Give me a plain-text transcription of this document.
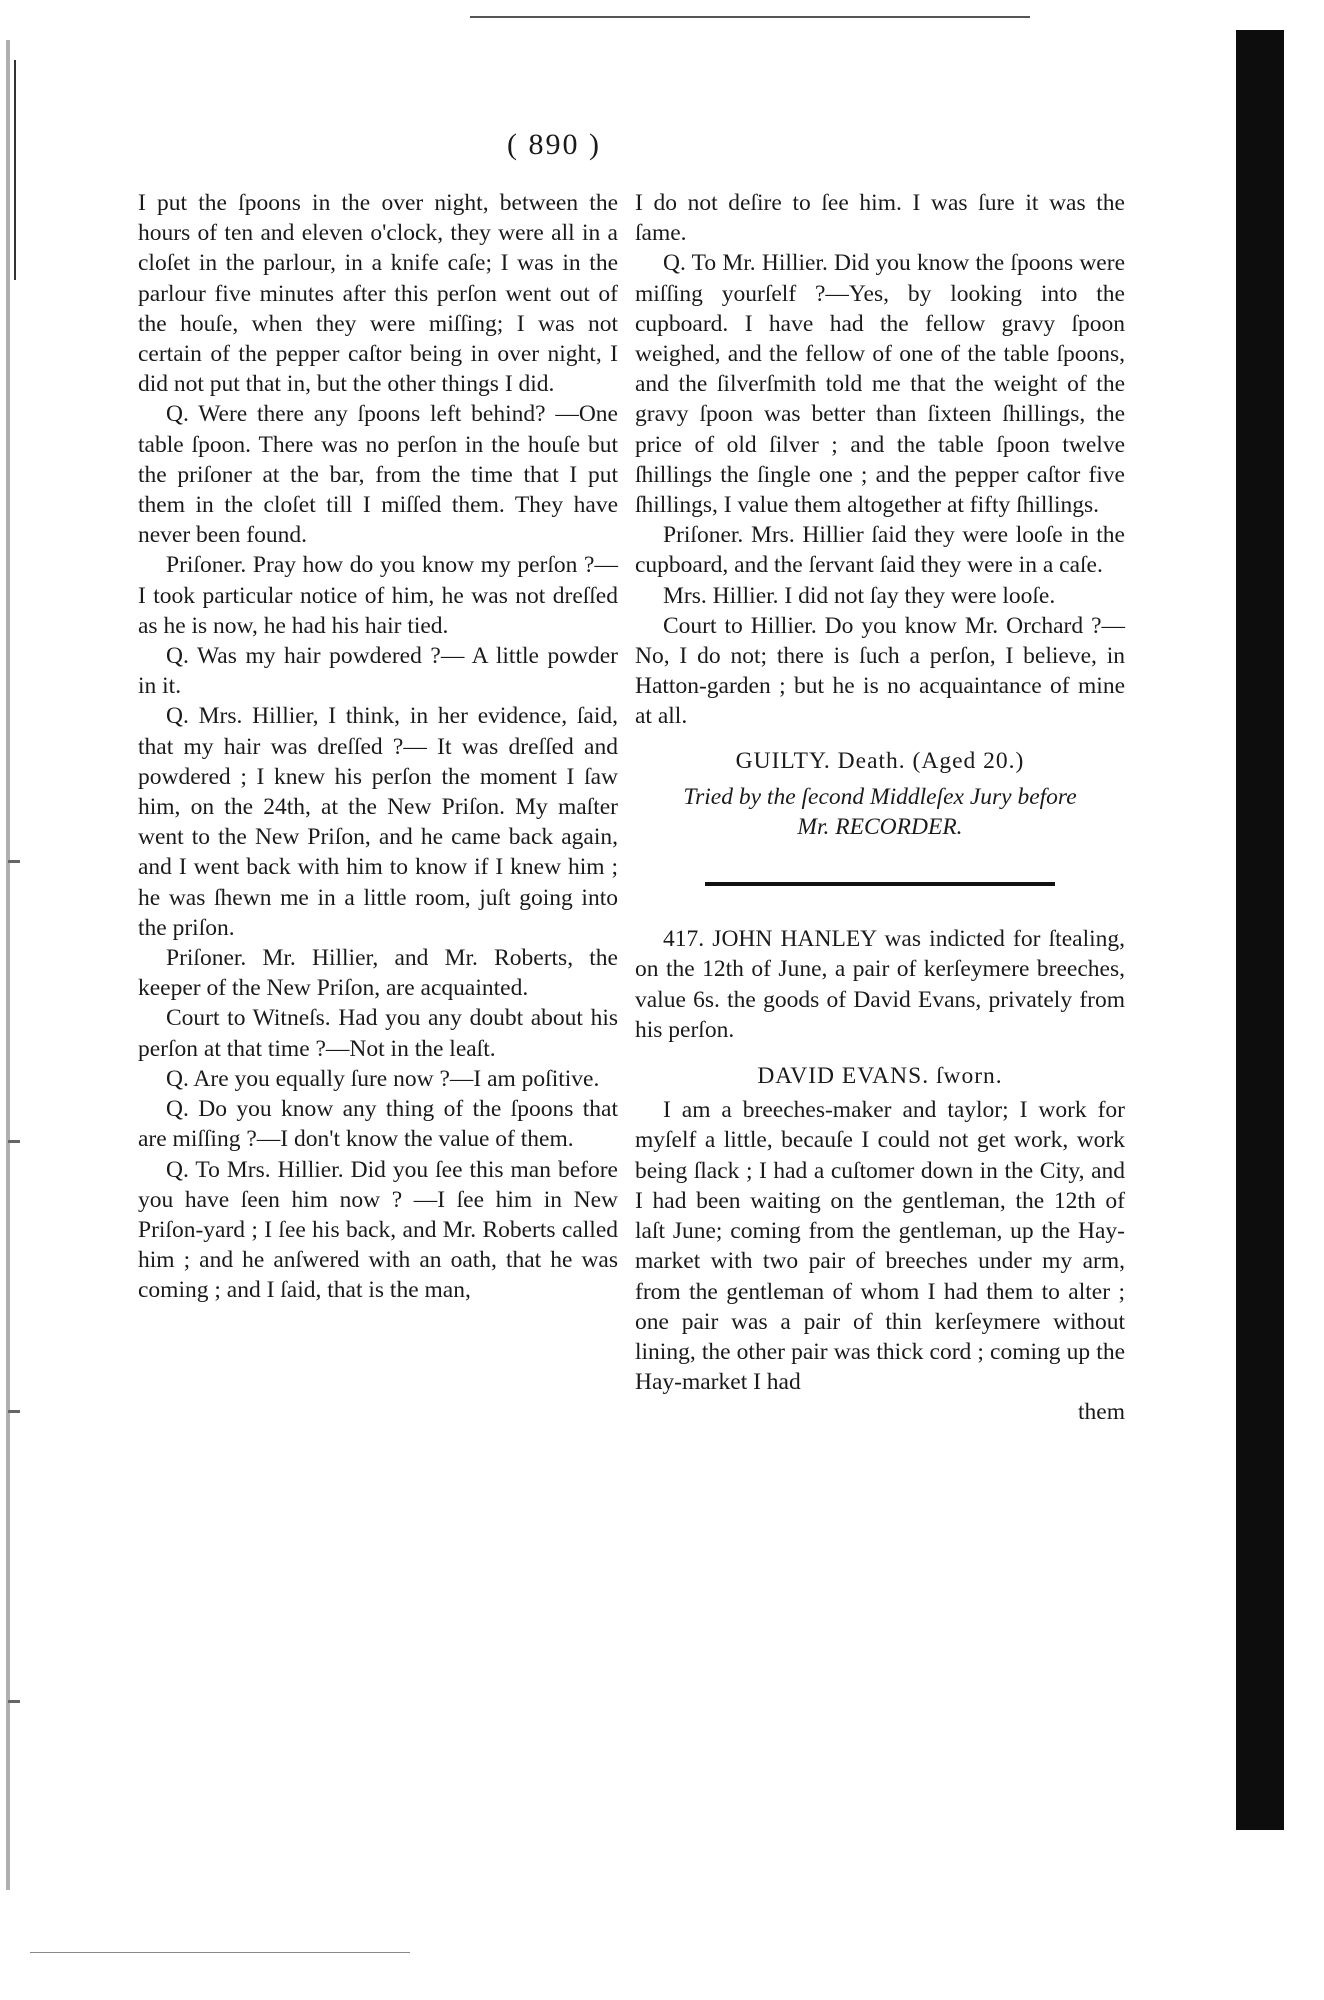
( 890 )

I put the ſpoons in the over night, between the hours of ten and eleven o'clock, they were all in a cloſet in the parlour, in a knife caſe; I was in the parlour five minutes after this perſon went out of the houſe, when they were miſſing; I was not certain of the pepper caſtor being in over night, I did not put that in, but the other things I did.

Q. Were there any ſpoons left behind? —One table ſpoon. There was no perſon in the houſe but the priſoner at the bar, from the time that I put them in the cloſet till I miſſed them. They have never been found.

Priſoner. Pray how do you know my perſon ?—I took particular notice of him, he was not dreſſed as he is now, he had his hair tied.

Q. Was my hair powdered ?— A little powder in it.

Q. Mrs. Hillier, I think, in her evidence, ſaid, that my hair was dreſſed ?— It was dreſſed and powdered ; I knew his perſon the moment I ſaw him, on the 24th, at the New Priſon. My maſter went to the New Priſon, and he came back again, and I went back with him to know if I knew him ; he was ſhewn me in a little room, juſt going into the priſon.

Priſoner. Mr. Hillier, and Mr. Roberts, the keeper of the New Priſon, are acquainted.

Court to Witneſs. Had you any doubt about his perſon at that time ?—Not in the leaſt.

Q. Are you equally ſure now ?—I am poſitive.

Q. Do you know any thing of the ſpoons that are miſſing ?—I don't know the value of them.

Q. To Mrs. Hillier. Did you ſee this man before you have ſeen him now ? —I ſee him in New Priſon-yard ; I ſee his back, and Mr. Roberts called him ; and he anſwered with an oath, that he was coming ; and I ſaid, that is the man,

I do not deſire to ſee him. I was ſure it was the ſame.

Q. To Mr. Hillier. Did you know the ſpoons were miſſing yourſelf ?—Yes, by looking into the cupboard. I have had the fellow gravy ſpoon weighed, and the fellow of one of the table ſpoons, and the ſilverſmith told me that the weight of the gravy ſpoon was better than ſixteen ſhillings, the price of old ſilver ; and the table ſpoon twelve ſhillings the ſingle one ; and the pepper caſtor five ſhillings, I value them altogether at fifty ſhillings.

Priſoner. Mrs. Hillier ſaid they were looſe in the cupboard, and the ſervant ſaid they were in a caſe.

Mrs. Hillier. I did not ſay they were looſe.

Court to Hillier. Do you know Mr. Orchard ?—No, I do not; there is ſuch a perſon, I believe, in Hatton-garden ; but he is no acquaintance of mine at all.

GUILTY. Death. (Aged 20.)

Tried by the ſecond Middleſex Jury before

Mr. RECORDER.

417. JOHN HANLEY was indicted for ſtealing, on the 12th of June, a pair of kerſeymere breeches, value 6s. the goods of David Evans, privately from his perſon.

DAVID EVANS. ſworn.

I am a breeches-maker and taylor; I work for myſelf a little, becauſe I could not get work, work being ſlack ; I had a cuſtomer down in the City, and I had been waiting on the gentleman, the 12th of laſt June; coming from the gentleman, up the Hay-market with two pair of breeches under my arm, from the gentleman of whom I had them to alter ; one pair was a pair of thin kerſeymere without lining, the other pair was thick cord ; coming up the Hay-market I had

them
